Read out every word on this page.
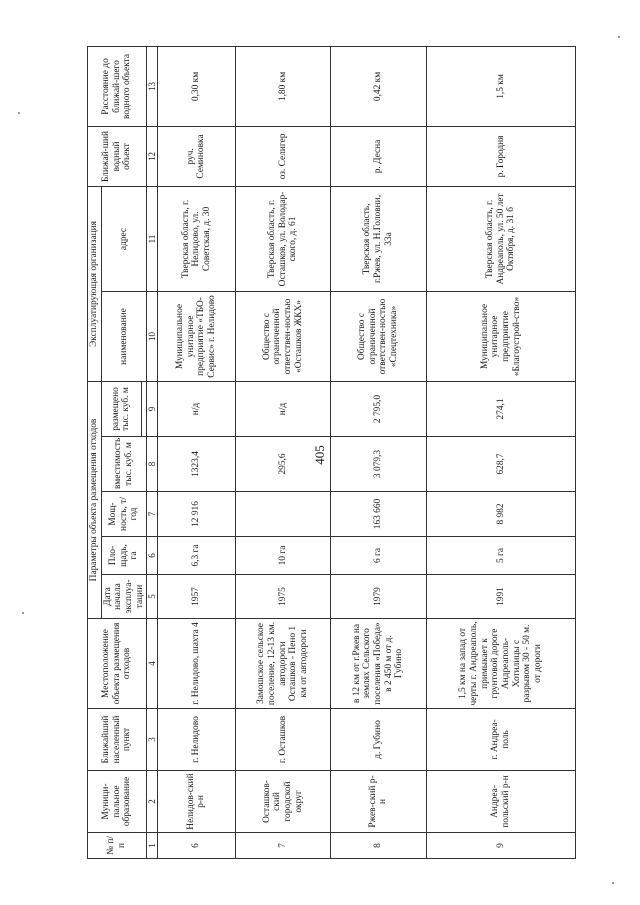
405
№ п/п	Муници-пальное образование	Ближайший населенный пункт	Местоположение объекта размещения отходов	Параметры объекта размещения отходов					Эксплуатирующая организация		Ближай-ший водный объект	Расстояние до ближай-шего водного объекта
				Дата начала эксплуа-тации	Пло-щадь, га	Мощ-ность, т/год	вместимость тыс. куб. м	размещено тыс. куб. м	наименование	адрес		

1	2	3	4	5	6	7	8	9	10	11	12	13
6	Нелидов-ский р-н	г. Нелидово	г. Нелидово, шахта 4	1957	6,3 га	12 916	1323,4	н/д	Муниципальное унитарное предприятие «ТБО-Сервис» г. Нелидово	Тверская область, г. Нелидово, ул. Советская, д. 30	руч. Семиновка	0,30 км
7	Осташков-ский городской округ	г. Осташков	Замошское сельское поселение, 12-13 км. автодороги Осташков - Пено 1 км от автодороги	1975	10 га		295,6	н/д	Общество с ограниченной ответствен-ностью «Осташков ЖКХ»	Тверская область, г. Осташков, ул. Володар-ского, д. 61	оз. Селигер	1,80 км
8	Ржев-ский р-н	д. Губино	в 12 км от г.Ржев на землях Сельского поселения «Победа» в 2 450 м от д. Губино	1979	6 га	163 660	3 079,3	2 795,0	Общество с ограниченной ответствен-ностью «Спецтехника»	Тверская область, г.Ржев, ул. Н.Головни, 33а	р. Десна	0,42 км
9	Андреа-польский р-н	г. Андреа-поль	1,5 км на запад от черты г. Андреаполь, примыкает к грунтовой дороге Андреаполь-Хотилицы с разрывом 30 - 50 м. от дороги	1991	5 га	8 982	628,7	274,1	Муниципальное унитарное предприятие «Благоустрой-ство»	Тверская область, г. Андреаполь, ул. 50 лет Октября, д. 31 б	р. Городня	1,5 км
